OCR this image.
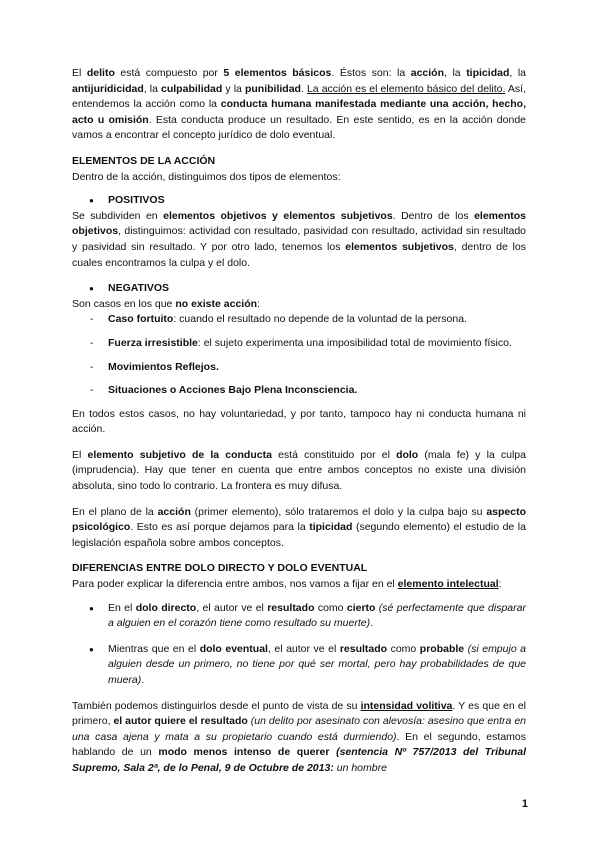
El delito está compuesto por 5 elementos básicos. Éstos son: la acción, la tipicidad, la antijuridicidad, la culpabilidad y la punibilidad. La acción es el elemento básico del delito. Así, entendemos la acción como la conducta humana manifestada mediante una acción, hecho, acto u omisión. Esta conducta produce un resultado. En este sentido, es en la acción donde vamos a encontrar el concepto jurídico de dolo eventual.

ELEMENTOS DE LA ACCIÓN

Dentro de la acción, distinguimos dos tipos de elementos:

● POSITIVOS

Se subdividen en elementos objetivos y elementos subjetivos. Dentro de los elementos objetivos, distinguimos: actividad con resultado, pasividad con resultado, actividad sin resultado y pasividad sin resultado. Y por otro lado, tenemos los elementos subjetivos, dentro de los cuales encontramos la culpa y el dolo.

● NEGATIVOS

Son casos en los que no existe acción:

- Caso fortuito: cuando el resultado no depende de la voluntad de la persona.

- Fuerza irresistible: el sujeto experimenta una imposibilidad total de movimiento físico.

- Movimientos Reflejos.

- Situaciones o Acciones Bajo Plena Inconsciencia.

En todos estos casos, no hay voluntariedad, y por tanto, tampoco hay ni conducta humana ni acción.

El elemento subjetivo de la conducta está constituido por el dolo (mala fe) y la culpa (imprudencia). Hay que tener en cuenta que entre ambos conceptos no existe una división absoluta, sino todo lo contrario. La frontera es muy difusa.

En el plano de la acción (primer elemento), sólo trataremos el dolo y la culpa bajo su aspecto psicológico. Esto es así porque dejamos para la tipicidad (segundo elemento) el estudio de la legislación española sobre ambos conceptos.

DIFERENCIAS ENTRE DOLO DIRECTO Y DOLO EVENTUAL

Para poder explicar la diferencia entre ambos, nos vamos a fijar en el elemento intelectual:

● En el dolo directo, el autor ve el resultado como cierto (sé perfectamente que disparar a alguien en el corazón tiene como resultado su muerte).

● Mientras que en el dolo eventual, el autor ve el resultado como probable (si empujo a alguien desde un primero, no tiene por qué ser mortal, pero hay probabilidades de que muera).

También podemos distinguirlos desde el punto de vista de su intensidad volitiva. Y es que en el primero, el autor quiere el resultado (un delito por asesinato con alevosía: asesino que entra en una casa ajena y mata a su propietario cuando está durmiendo). En el segundo, estamos hablando de un modo menos intenso de querer (sentencia Nº 757/2013 del Tribunal Supremo, Sala 2ª, de lo Penal, 9 de Octubre de 2013: un hombre

1
